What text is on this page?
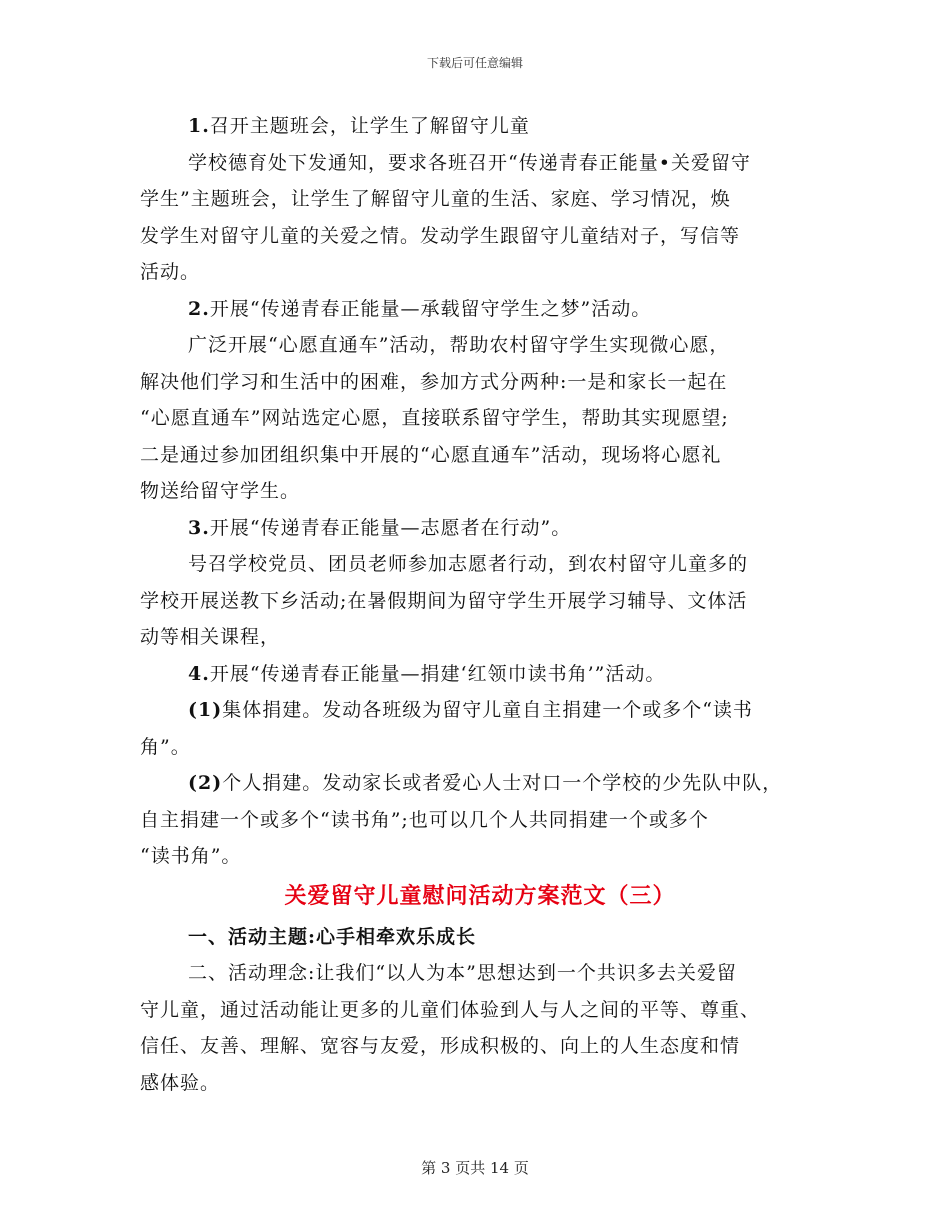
下载后可任意编辑
1.召开主题班会，让学生了解留守儿童
学校德育处下发通知，要求各班召开“传递青春正能量•关爱留守
学生”主题班会，让学生了解留守儿童的生活、家庭、学习情况，焕
发学生对留守儿童的关爱之情。发动学生跟留守儿童结对子，写信等
活动。
2.开展“传递青春正能量—承载留守学生之梦”活动。
广泛开展“心愿直通车”活动，帮助农村留守学生实现微心愿，
解决他们学习和生活中的困难，参加方式分两种:一是和家长一起在
“心愿直通车”网站选定心愿，直接联系留守学生，帮助其实现愿望;
二是通过参加团组织集中开展的“心愿直通车”活动，现场将心愿礼
物送给留守学生。
3.开展“传递青春正能量—志愿者在行动”。
号召学校党员、团员老师参加志愿者行动，到农村留守儿童多的
学校开展送教下乡活动;在暑假期间为留守学生开展学习辅导、文体活
动等相关课程，
4.开展“传递青春正能量—捐建‘红领巾读书角’”活动。
(1)集体捐建。发动各班级为留守儿童自主捐建一个或多个“读书
角”。
(2)个人捐建。发动家长或者爱心人士对口一个学校的少先队中队，
自主捐建一个或多个“读书角”;也可以几个人共同捐建一个或多个
“读书角”。
关爱留守儿童慰问活动方案范文（三）
一、活动主题:心手相牵欢乐成长
二、活动理念:让我们“以人为本”思想达到一个共识多去关爱留
守儿童，通过活动能让更多的儿童们体验到人与人之间的平等、尊重、
信任、友善、理解、宽容与友爱，形成积极的、向上的人生态度和情
感体验。
第 3 页共 14 页
